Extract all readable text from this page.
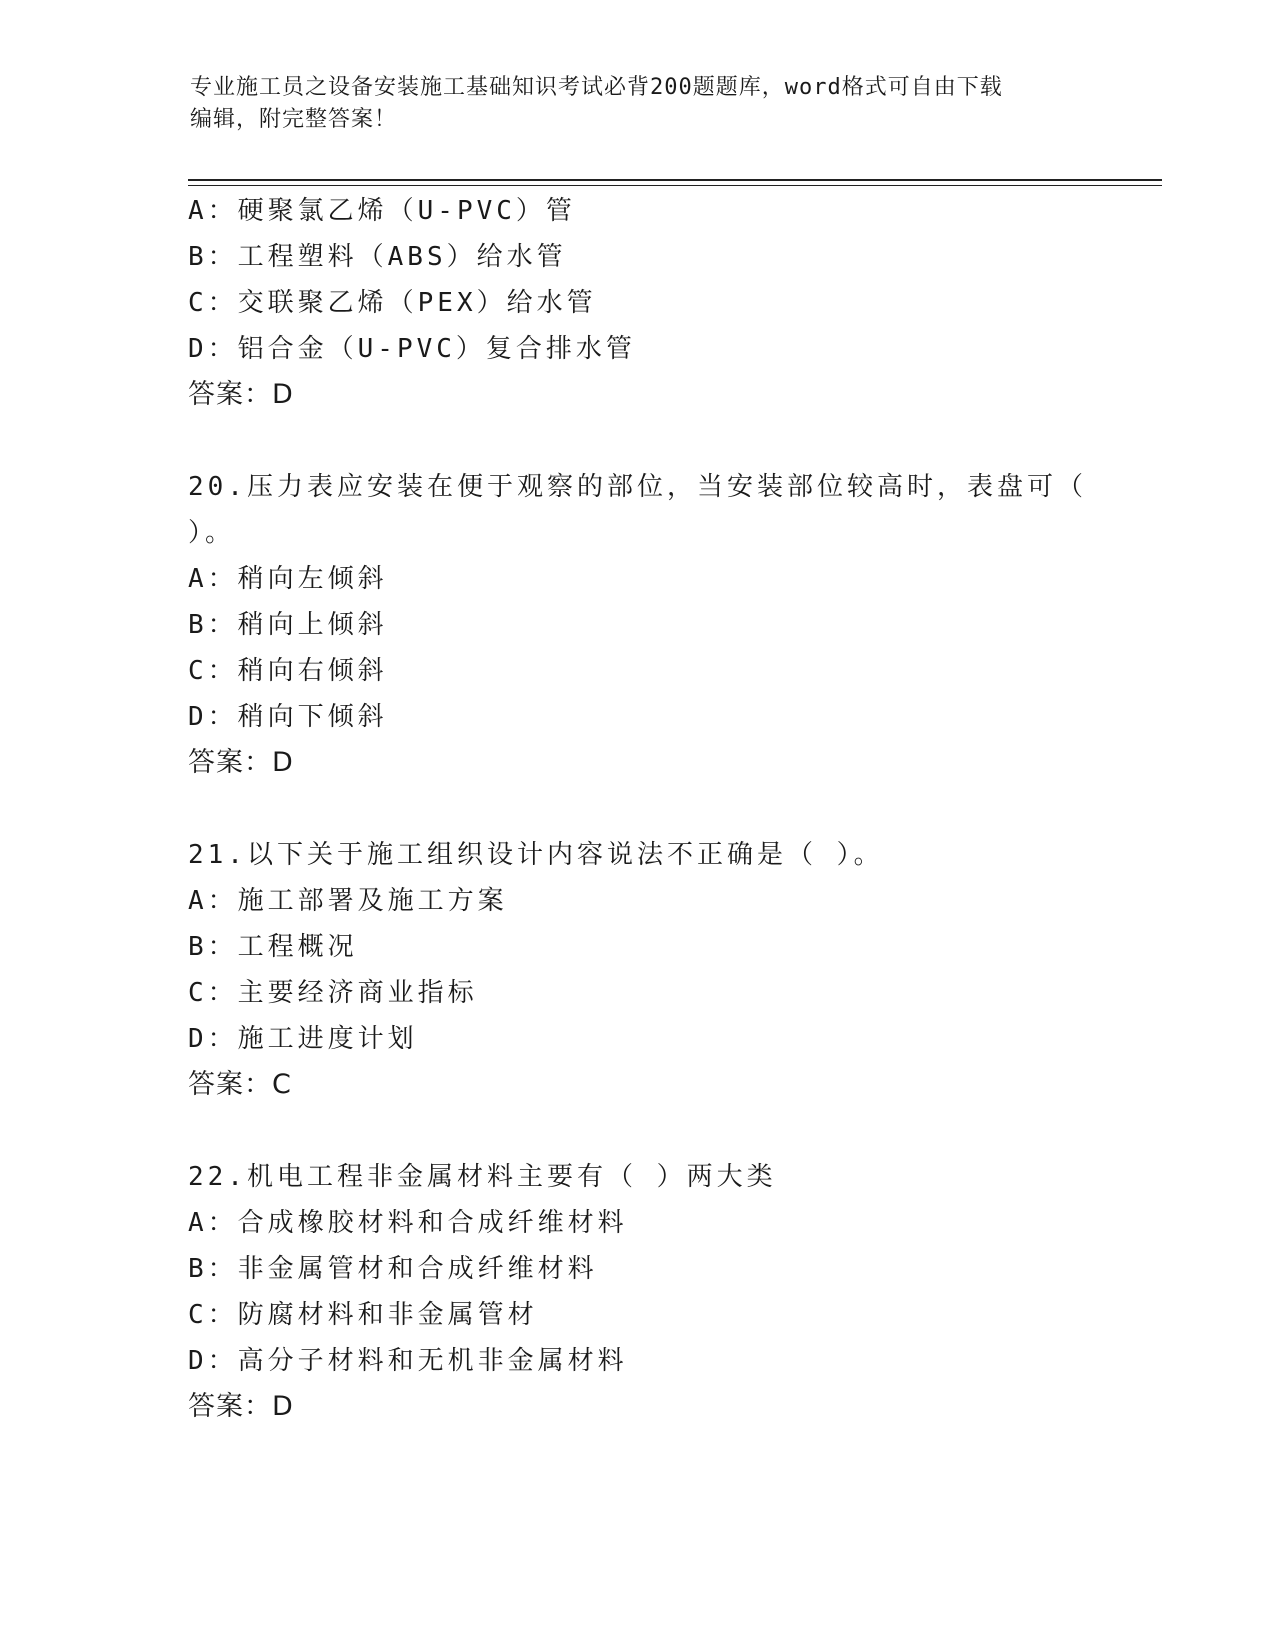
专业施工员之设备安装施工基础知识考试必背200题题库，word格式可自由下载
编辑，附完整答案！
A：硬聚氯乙烯（U-PVC）管
B：工程塑料（ABS）给水管
C：交联聚乙烯（PEX）给水管
D：铝合金（U-PVC）复合排水管
答案：D
20.压力表应安装在便于观察的部位，当安装部位较高时，表盘可（
）。
A：稍向左倾斜
B：稍向上倾斜
C：稍向右倾斜
D：稍向下倾斜
答案：D
21.以下关于施工组织设计内容说法不正确是（ ）。
A：施工部署及施工方案
B：工程概况
C：主要经济商业指标
D：施工进度计划
答案：C
22.机电工程非金属材料主要有（ ）两大类
A：合成橡胶材料和合成纤维材料
B：非金属管材和合成纤维材料
C：防腐材料和非金属管材
D：高分子材料和无机非金属材料
答案：D
